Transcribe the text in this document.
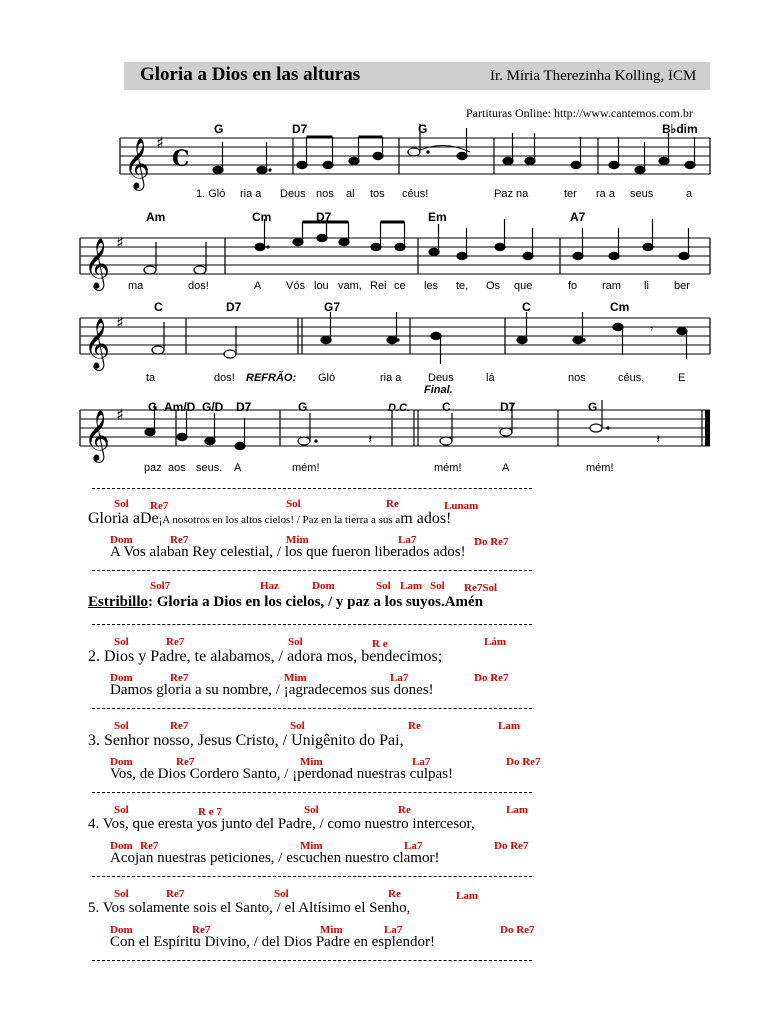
Gloria a Dios en las alturas	Ir. Míria Therezinha Kolling, ICM
Partituras Online: http://www.cantemos.com.br
𝄞 ♯
C
𝄞 ♯
𝄞 ♯
𝄞 ♯
𝄽	𝄽
𝄾
G	D7	G	B♭dim
Am	Cm	D7	Em	A7
C	D7	G7	C	Cm
G Am/D G/D D7	G	D.C.	C	D7	G
1. Gló ria a Deus nos al tos céus!	Paz na	ter ra a seus	a
ma	dos!	A Vós lou vam, Rei ce les te, Os que	fo ram li ber
ta	dos! REFRÃO: Gló	ria a Deus	lá	nos	céus,	E
Final.
paz aos seus. A	mém!	mém!	A	mém!
Sol Re7	Sol	Re	Lunam
Gloria aDe¡A nosotros en los altos cielos! / Paz en la tierra a sus am ados!
Dom	Re7	Mim	La7	Do Re7
A Vos alaban Rey celestial, / los que fueron liberados ados!
Sol7	Haz	Dom	Sol Lam Sol Re7Sol
Estribillo: Gloria a Dios en los cielos, / y paz a los suyos.Amén
Sol	Re7	Sol	R e	Lám
2. Dios y Padre, te alabamos, / adora mos, bendecimos;
Dom	Re7	Mim	La7	Do Re7
Damos gloria a su nombre, / ¡agradecemos sus dones!
Sol	Re7	Sol	Re	Lam
3. Senhor nosso, Jesus Cristo, / Unigênito do Pai,
Dom	Re7	Mim	La7	Do Re7
Vos, de Dios Cordero Santo, / ¡perdonad nuestras culpas!
Sol	R e 7	Sol	Re	Lam
4. Vos, que eresta yos junto del Padre, / como nuestro intercesor,
Dom Re7	Mim	La7	Do Re7
Acojan nuestras peticiones, / escuchen nuestro clamor!
Sol	Re7	Sol	Re	Lam
5. Vos solamente sois el Santo, / el Altísimo el Senho,
Dom	Re7	Mim	La7	Do Re7
Con el Espíritu Divino, / del Dios Padre en esplendor!
